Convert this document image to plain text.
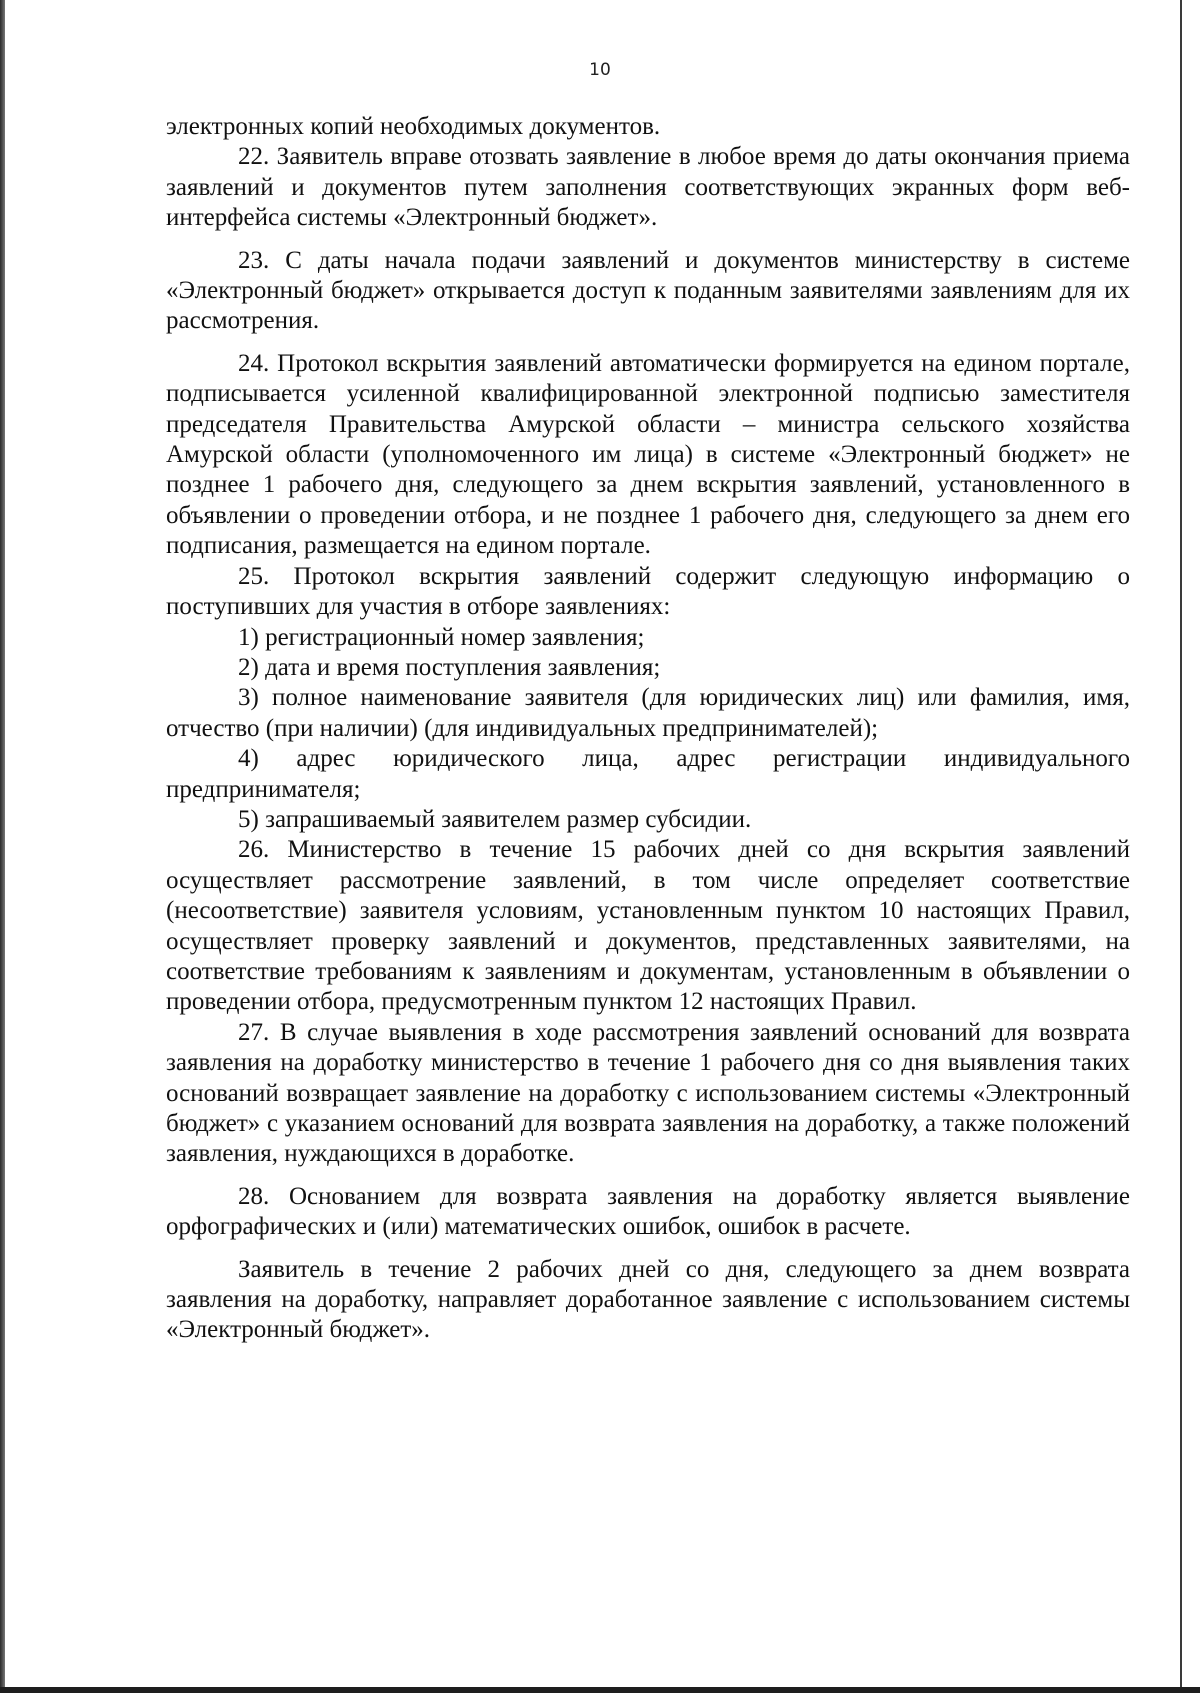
10

электронных копий необходимых документов.

22. Заявитель вправе отозвать заявление в любое время до даты окончания приема заявлений и документов путем заполнения соответствующих экранных форм веб-интерфейса системы «Электронный бюджет».

23. С даты начала подачи заявлений и документов министерству в системе «Электронный бюджет» открывается доступ к поданным заявителями заявлениям для их рассмотрения.

24. Протокол вскрытия заявлений автоматически формируется на едином портале, подписывается усиленной квалифицированной электронной подписью заместителя председателя Правительства Амурской области – министра сельского хозяйства Амурской области (уполномоченного им лица) в системе «Электронный бюджет» не позднее 1 рабочего дня, следующего за днем вскрытия заявлений, установленного в объявлении о проведении отбора, и не позднее 1 рабочего дня, следующего за днем его подписания, размещается на едином портале.

25. Протокол вскрытия заявлений содержит следующую информацию о поступивших для участия в отборе заявлениях:

1) регистрационный номер заявления;

2) дата и время поступления заявления;

3) полное наименование заявителя (для юридических лиц) или фамилия, имя, отчество (при наличии) (для индивидуальных предпринимателей);

4) адрес юридического лица, адрес регистрации индивидуального предпринимателя;

5) запрашиваемый заявителем размер субсидии.

26. Министерство в течение 15 рабочих дней со дня вскрытия заявлений осуществляет рассмотрение заявлений, в том числе определяет соответствие (несоответствие) заявителя условиям, установленным пунктом 10 настоящих Правил, осуществляет проверку заявлений и документов, представленных заявителями, на соответствие требованиям к заявлениям и документам, установленным в объявлении о проведении отбора, предусмотренным пунктом 12 настоящих Правил.

27. В случае выявления в ходе рассмотрения заявлений оснований для возврата заявления на доработку министерство в течение 1 рабочего дня со дня выявления таких оснований возвращает заявление на доработку с использованием системы «Электронный бюджет» с указанием оснований для возврата заявления на доработку, а также положений заявления, нуждающихся в доработке.

28. Основанием для возврата заявления на доработку является выявление орфографических и (или) математических ошибок, ошибок в расчете.

Заявитель в течение 2 рабочих дней со дня, следующего за днем возврата заявления на доработку, направляет доработанное заявление с использованием системы «Электронный бюджет».
